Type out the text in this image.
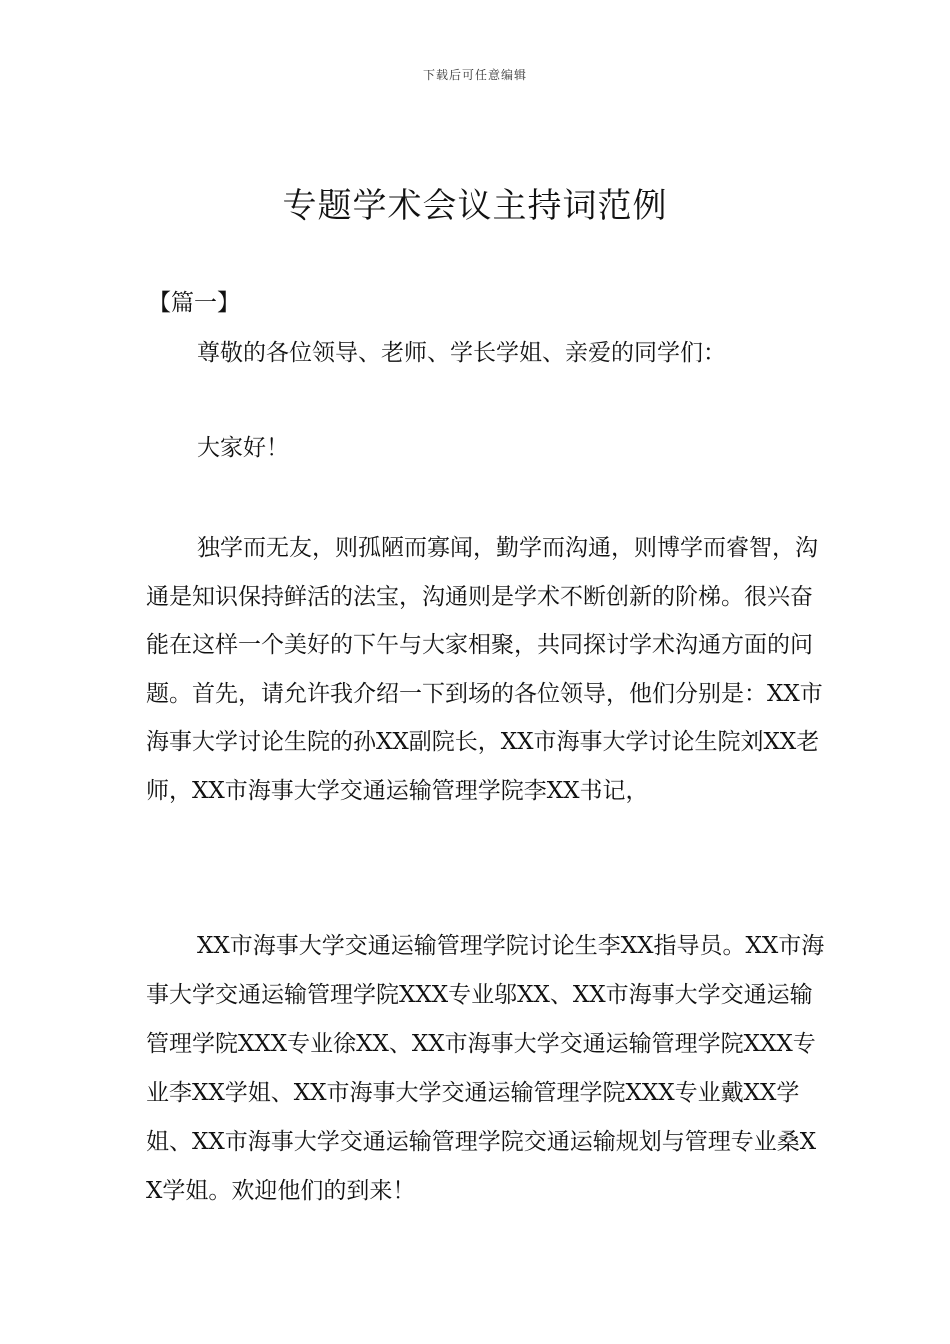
下载后可任意编辑
专题学术会议主持词范例
【篇一】

尊敬的各位领导、老师、学长学姐、亲爱的同学们：

大家好！

独学而无友，则孤陋而寡闻，勤学而沟通，则博学而睿智，沟通是知识保持鲜活的法宝，沟通则是学术不断创新的阶梯。很兴奋能在这样一个美好的下午与大家相聚，共同探讨学术沟通方面的问题。首先，请允许我介绍一下到场的各位领导，他们分别是：XX市海事大学讨论生院的孙XX副院长，XX市海事大学讨论生院刘XX老师，XX市海事大学交通运输管理学院李XX书记，

XX市海事大学交通运输管理学院讨论生李XX指导员。XX市海事大学交通运输管理学院XXX专业邬XX、XX市海事大学交通运输管理学院XXX专业徐XX、XX市海事大学交通运输管理学院XXX专业李XX学姐、XX市海事大学交通运输管理学院XXX专业戴XX学姐、XX市海事大学交通运输管理学院交通运输规划与管理专业桑XX学姐。欢迎他们的到来！
